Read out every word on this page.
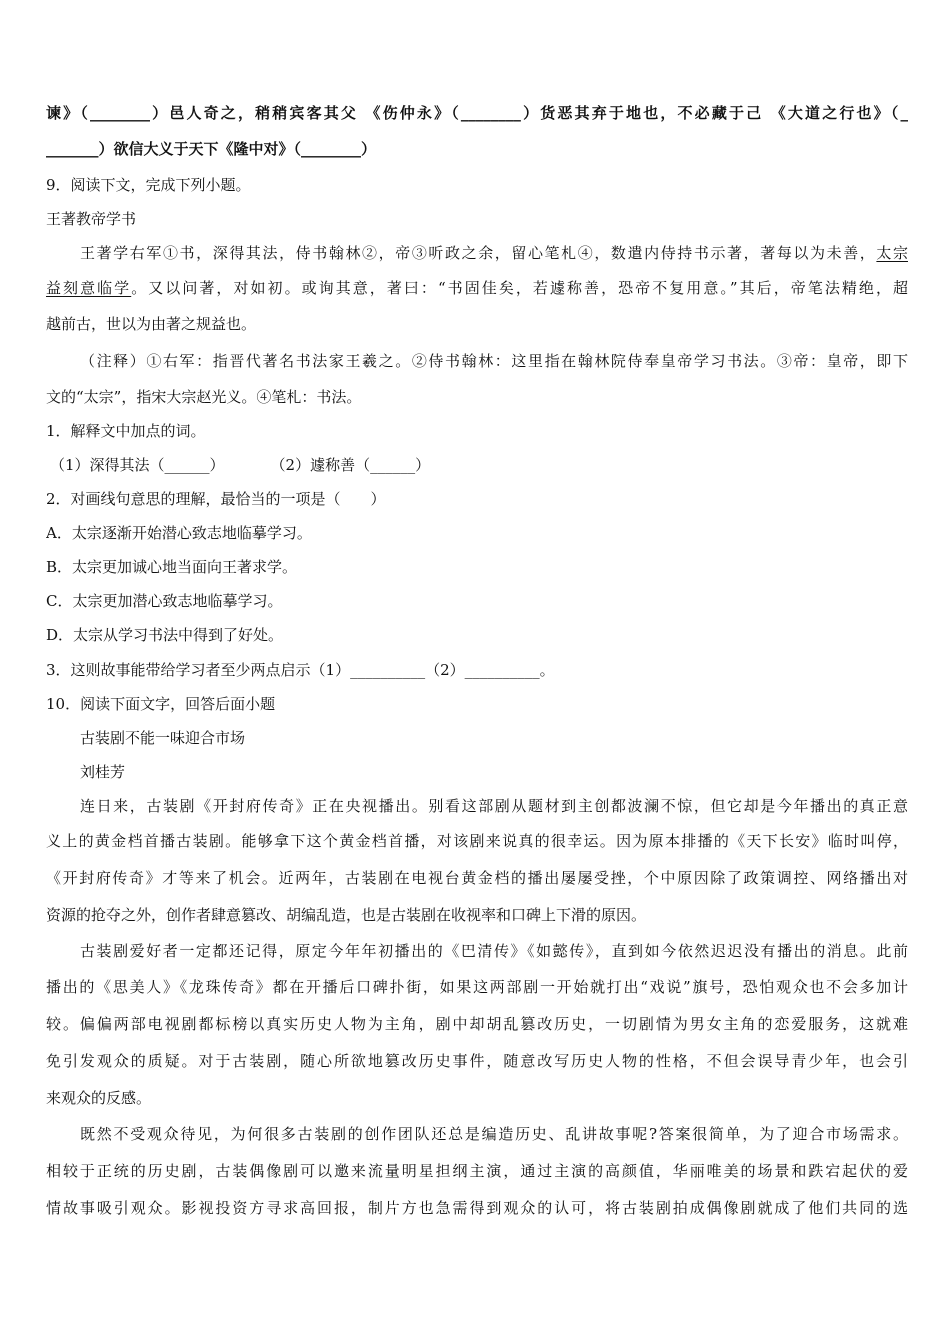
谏》（________）邑人奇之，稍稍宾客其父 《伤仲永》（________）货恶其弃于地也，不必藏于己 《大道之行也》（_
_______）欲信大义于天下《隆中对》（________）
9．阅读下文，完成下列小题。
王著教帝学书
王著学右军①书，深得其法，侍书翰林②，帝③听政之余，留心笔札④，数遣内侍持书示著，著每以为未善，太宗
益刻意临学。又以问著，对如初。或询其意，著曰：“书固佳矣，若遽称善，恐帝不复用意。”其后，帝笔法精绝，超
越前古，世以为由著之规益也。
（注释）①右军：指晋代著名书法家王羲之。②侍书翰林：这里指在翰林院侍奉皇帝学习书法。③帝：皇帝，即下
文的“太宗”，指宋大宗赵光义。④笔札：书法。
1．解释文中加点的词。
（1）深得其法（______）	（2）遽称善（______）
2．对画线句意思的理解，最恰当的一项是（　　）
A．太宗逐渐开始潜心致志地临摹学习。
B．太宗更加诚心地当面向王著求学。
C．太宗更加潜心致志地临摹学习。
D．太宗从学习书法中得到了好处。
3．这则故事能带给学习者至少两点启示（1）__________（2）__________。
10．阅读下面文字，回答后面小题
古装剧不能一味迎合市场
刘桂芳
连日来，古装剧《开封府传奇》正在央视播出。别看这部剧从题材到主创都波澜不惊，但它却是今年播出的真正意
义上的黄金档首播古装剧。能够拿下这个黄金档首播，对该剧来说真的很幸运。因为原本排播的《天下长安》临时叫停，
《开封府传奇》才等来了机会。近两年，古装剧在电视台黄金档的播出屡屡受挫，个中原因除了政策调控、网络播出对
资源的抢夺之外，创作者肆意篡改、胡编乱造，也是古装剧在收视率和口碑上下滑的原因。
古装剧爱好者一定都还记得，原定今年年初播出的《巴清传》《如懿传》，直到如今依然迟迟没有播出的消息。此前
播出的《思美人》《龙珠传奇》都在开播后口碑扑街，如果这两部剧一开始就打出“戏说”旗号，恐怕观众也不会多加计
较。偏偏两部电视剧都标榜以真实历史人物为主角，剧中却胡乱篡改历史，一切剧情为男女主角的恋爱服务，这就难
免引发观众的质疑。对于古装剧，随心所欲地篡改历史事件，随意改写历史人物的性格，不但会误导青少年，也会引
来观众的反感。
既然不受观众待见，为何很多古装剧的创作团队还总是编造历史、乱讲故事呢?答案很简单，为了迎合市场需求。
相较于正统的历史剧，古装偶像剧可以邀来流量明星担纲主演，通过主演的高颜值，华丽唯美的场景和跌宕起伏的爱
情故事吸引观众。影视投资方寻求高回报，制片方也急需得到观众的认可，将古装剧拍成偶像剧就成了他们共同的选
